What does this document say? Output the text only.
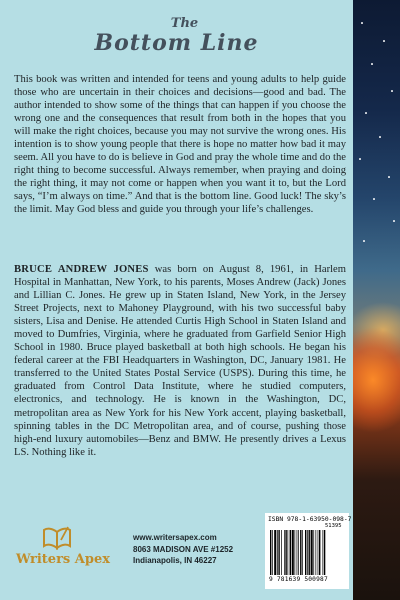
The
Bottom Line

This book was written and intended for teens and young adults to help guide those who are uncertain in their choices and decisions—good and bad. The author intended to show some of the things that can happen if you choose the wrong one and the consequences that result from both in the hopes that you will make the right choices, because you may not survive the wrong ones. His intention is to show young people that there is hope no matter how bad it may seem. All you have to do is believe in God and pray the whole time and do the right thing to become successful. Always remember, when praying and doing the right thing, it may not come or happen when you want it to, but the Lord says, “I’m always on time.” And that is the bottom line. Good luck! The sky’s the limit. May God bless and guide you through your life’s challenges.

BRUCE ANDREW JONES was born on August 8, 1961, in Harlem Hospital in Manhattan, New York, to his parents, Moses Andrew (Jack) Jones and Lillian C. Jones. He grew up in Staten Island, New York, in the Jersey Street Projects, next to Mahoney Playground, with his two successful baby sisters, Lisa and Denise. He attended Curtis High School in Staten Island and moved to Dumfries, Virginia, where he graduated from Garfield Senior High School in 1980. Bruce played basketball at both high schools. He began his federal career at the FBI Headquarters in Washington, DC, January 1981. He transferred to the United States Postal Service (USPS). During this time, he graduated from Control Data Institute, where he studied computers, electronics, and technology. He is known in the Washington, DC, metropolitan area as New York for his New York accent, playing basketball, spinning tables in the DC Metropolitan area, and of course, pushing those high-end luxury automobiles—Benz and BMW. He presently drives a Lexus LS. Nothing like it.

Writers Apex
www.writersapex.com
8063 MADISON AVE #1252
Indianapolis, IN 46227
ISBN 978-1-63950-098-7
51395
9 781639 500987
